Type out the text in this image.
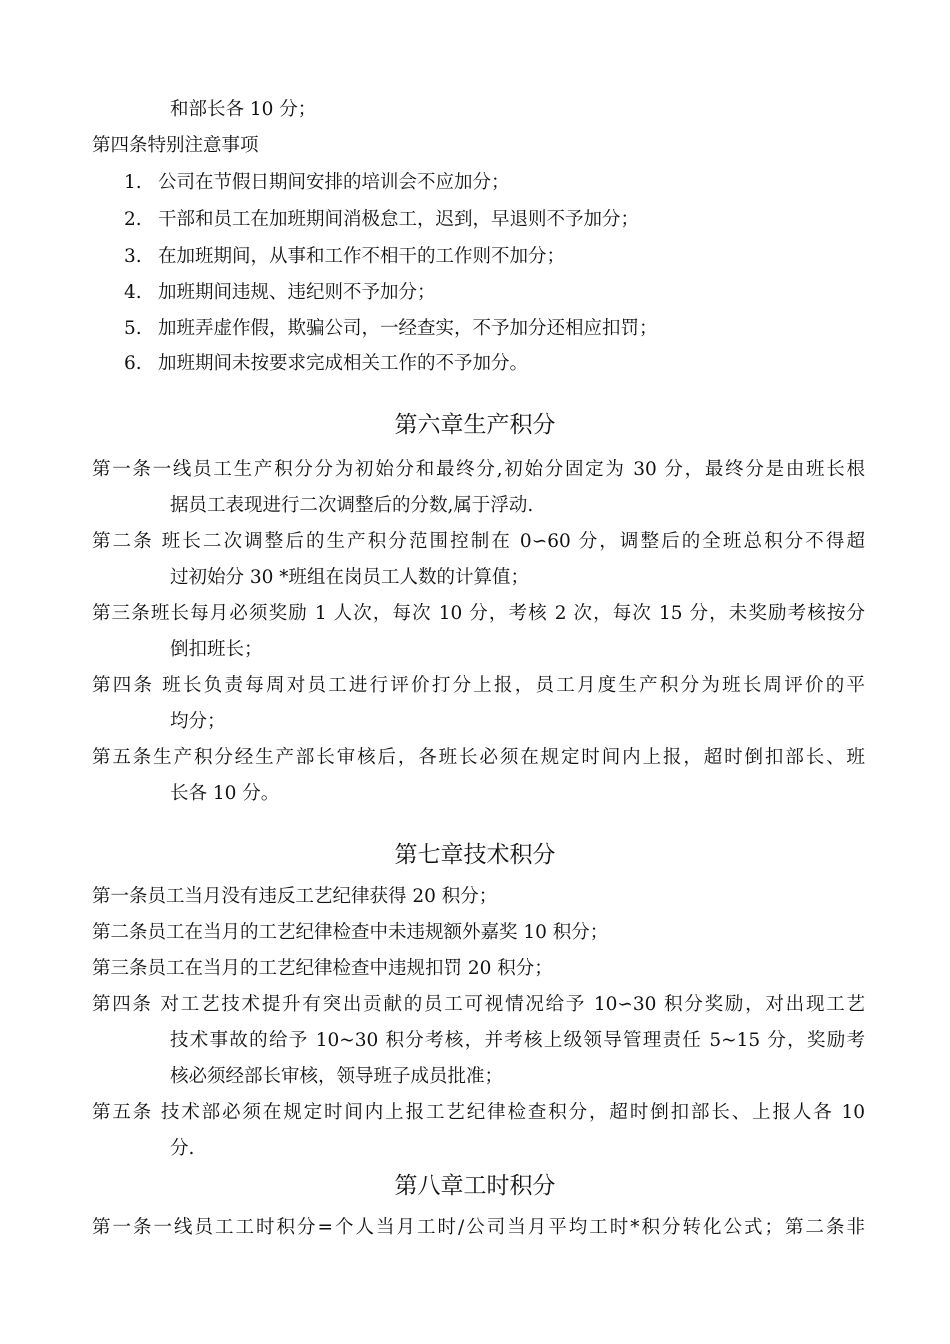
和部长各 10 分；
第四条特别注意事项
1. 公司在节假日期间安排的培训会不应加分；
2. 干部和员工在加班期间消极怠工，迟到，早退则不予加分；
3. 在加班期间，从事和工作不相干的工作则不加分；
4. 加班期间违规、违纪则不予加分；
5. 加班弄虚作假，欺骗公司，一经查实，不予加分还相应扣罚；
6. 加班期间未按要求完成相关工作的不予加分。
第六章生产积分
第一条一线员工生产积分分为初始分和最终分,初始分固定为 30 分，最终分是由班长根
据员工表现进行二次调整后的分数,属于浮动.
第二条 班长二次调整后的生产积分范围控制在 0∽60 分，调整后的全班总积分不得超
过初始分 30 *班组在岗员工人数的计算值；
第三条班长每月必须奖励 1 人次，每次 10 分，考核 2 次，每次 15 分，未奖励考核按分
倒扣班长；
第四条 班长负责每周对员工进行评价打分上报，员工月度生产积分为班长周评价的平
均分；
第五条生产积分经生产部长审核后，各班长必须在规定时间内上报，超时倒扣部长、班
长各 10 分。
第七章技术积分
第一条员工当月没有违反工艺纪律获得 20 积分；
第二条员工在当月的工艺纪律检查中未违规额外嘉奖 10 积分；
第三条员工在当月的工艺纪律检查中违规扣罚 20 积分；
第四条 对工艺技术提升有突出贡献的员工可视情况给予 10∽30 积分奖励，对出现工艺
技术事故的给予 10~30 积分考核，并考核上级领导管理责任 5~15 分，奖励考
核必须经部长审核，领导班子成员批准；
第五条 技术部必须在规定时间内上报工艺纪律检查积分，超时倒扣部长、上报人各 10
分.
第八章工时积分
第一条一线员工工时积分=个人当月工时/公司当月平均工时*积分转化公式；第二条非
